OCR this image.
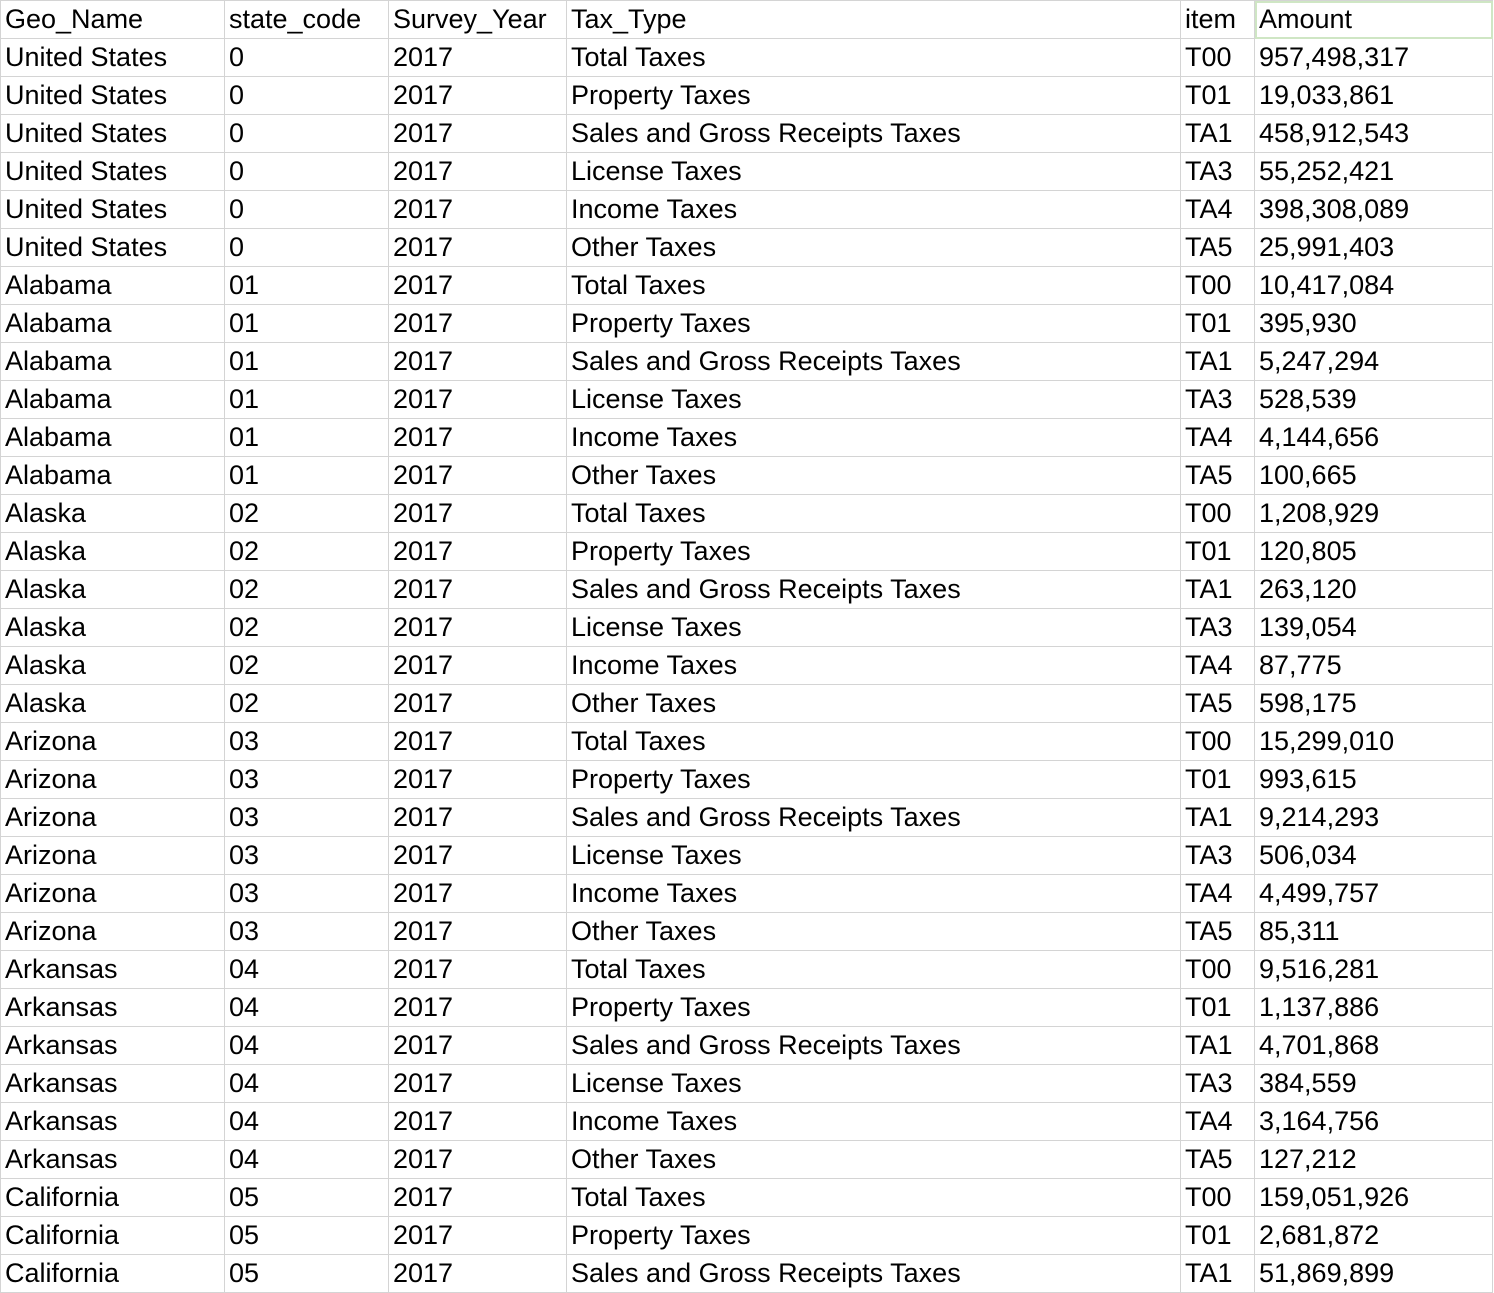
Geo_Name	state_code	Survey_Year	Tax_Type	item	Amount
United States	0	2017	Total Taxes	T00	957,498,317
United States	0	2017	Property Taxes	T01	19,033,861
United States	0	2017	Sales and Gross Receipts Taxes	TA1	458,912,543
United States	0	2017	License Taxes	TA3	55,252,421
United States	0	2017	Income Taxes	TA4	398,308,089
United States	0	2017	Other Taxes	TA5	25,991,403
Alabama	01	2017	Total Taxes	T00	10,417,084
Alabama	01	2017	Property Taxes	T01	395,930
Alabama	01	2017	Sales and Gross Receipts Taxes	TA1	5,247,294
Alabama	01	2017	License Taxes	TA3	528,539
Alabama	01	2017	Income Taxes	TA4	4,144,656
Alabama	01	2017	Other Taxes	TA5	100,665
Alaska	02	2017	Total Taxes	T00	1,208,929
Alaska	02	2017	Property Taxes	T01	120,805
Alaska	02	2017	Sales and Gross Receipts Taxes	TA1	263,120
Alaska	02	2017	License Taxes	TA3	139,054
Alaska	02	2017	Income Taxes	TA4	87,775
Alaska	02	2017	Other Taxes	TA5	598,175
Arizona	03	2017	Total Taxes	T00	15,299,010
Arizona	03	2017	Property Taxes	T01	993,615
Arizona	03	2017	Sales and Gross Receipts Taxes	TA1	9,214,293
Arizona	03	2017	License Taxes	TA3	506,034
Arizona	03	2017	Income Taxes	TA4	4,499,757
Arizona	03	2017	Other Taxes	TA5	85,311
Arkansas	04	2017	Total Taxes	T00	9,516,281
Arkansas	04	2017	Property Taxes	T01	1,137,886
Arkansas	04	2017	Sales and Gross Receipts Taxes	TA1	4,701,868
Arkansas	04	2017	License Taxes	TA3	384,559
Arkansas	04	2017	Income Taxes	TA4	3,164,756
Arkansas	04	2017	Other Taxes	TA5	127,212
California	05	2017	Total Taxes	T00	159,051,926
California	05	2017	Property Taxes	T01	2,681,872
California	05	2017	Sales and Gross Receipts Taxes	TA1	51,869,899
